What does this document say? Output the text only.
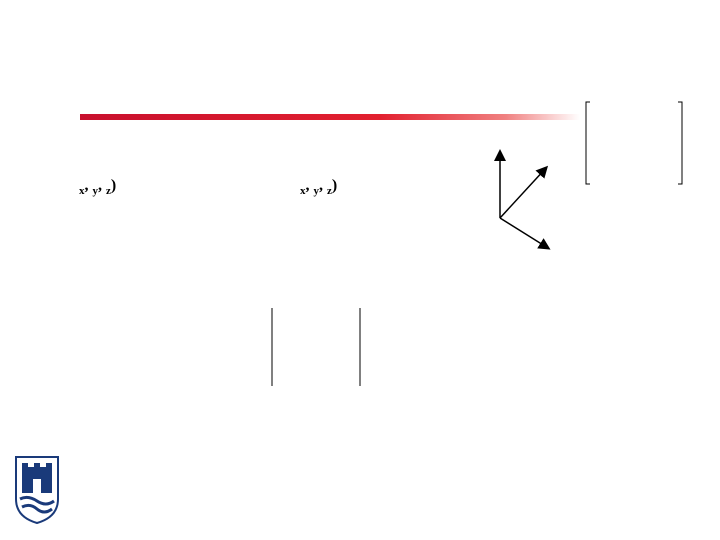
$_x$, $_y$, $_z$)	$_x$, $_y$, $_z$)
